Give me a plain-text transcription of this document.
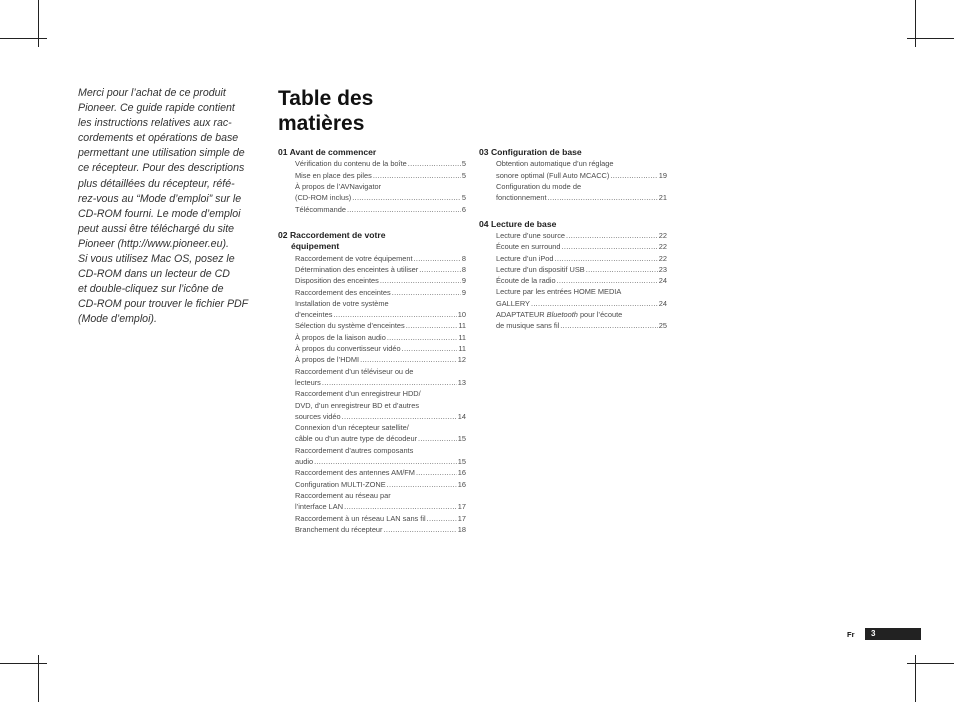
Merci pour l’achat de ce produit
Pioneer. Ce guide rapide contient
les instructions relatives aux rac-
cordements et opérations de base
permettant une utilisation simple de
ce récepteur. Pour des descriptions
plus détaillées du récepteur, réfé-
rez-vous au “Mode d’emploi” sur le
CD-ROM fourni. Le mode d’emploi
peut aussi être téléchargé du site
Pioneer (http://www.pioneer.eu).
Si vous utilisez Mac OS, posez le
CD-ROM dans un lecteur de CD
et double-cliquez sur l’icône de
CD-ROM pour trouver le fichier PDF
(Mode d’emploi).
Table des
matières
01 Avant de commencer
Vérification du contenu de la boîte .....	5
Mise en place des piles .....	5
À propos de l’AVNavigator
(CD-ROM inclus) .....	5
Télécommande .....	6
02 Raccordement de votre
équipement
Raccordement de votre équipement .....	8
Détermination des enceintes à utiliser .....	8
Disposition des enceintes .....	9
Raccordement des enceintes .....	9
Installation de votre système
d’enceintes .....	10
Sélection du système d’enceintes .....	11
À propos de la liaison audio .....	11
À propos du convertisseur vidéo .....	11
À propos de l’HDMI .....	12
Raccordement d’un téléviseur ou de
lecteurs .....	13
Raccordement d’un enregistreur HDD/
DVD, d’un enregistreur BD et d’autres
sources vidéo .....	14
Connexion d’un récepteur satellite/
câble ou d’un autre type de décodeur .....	15
Raccordement d’autres composants
audio .....	15
Raccordement des antennes AM/FM .....	16
Configuration MULTI-ZONE .....	16
Raccordement au réseau par
l’interface LAN .....	17
Raccordement à un réseau LAN sans fil .....	17
Branchement du récepteur .....	18
03 Configuration de base
Obtention automatique d’un réglage
sonore optimal (Full Auto MCACC) .....	19
Configuration du mode de
fonctionnement .....	21
04 Lecture de base
Lecture d’une source .....	22
Écoute en surround .....	22
Lecture d’un iPod .....	22
Lecture d’un dispositif USB .....	23
Écoute de la radio .....	24
Lecture par les entrées HOME MEDIA
GALLERY .....	24
ADAPTATEUR Bluetooth pour l’écoute
de musique sans fil .....	25
Fr	3
